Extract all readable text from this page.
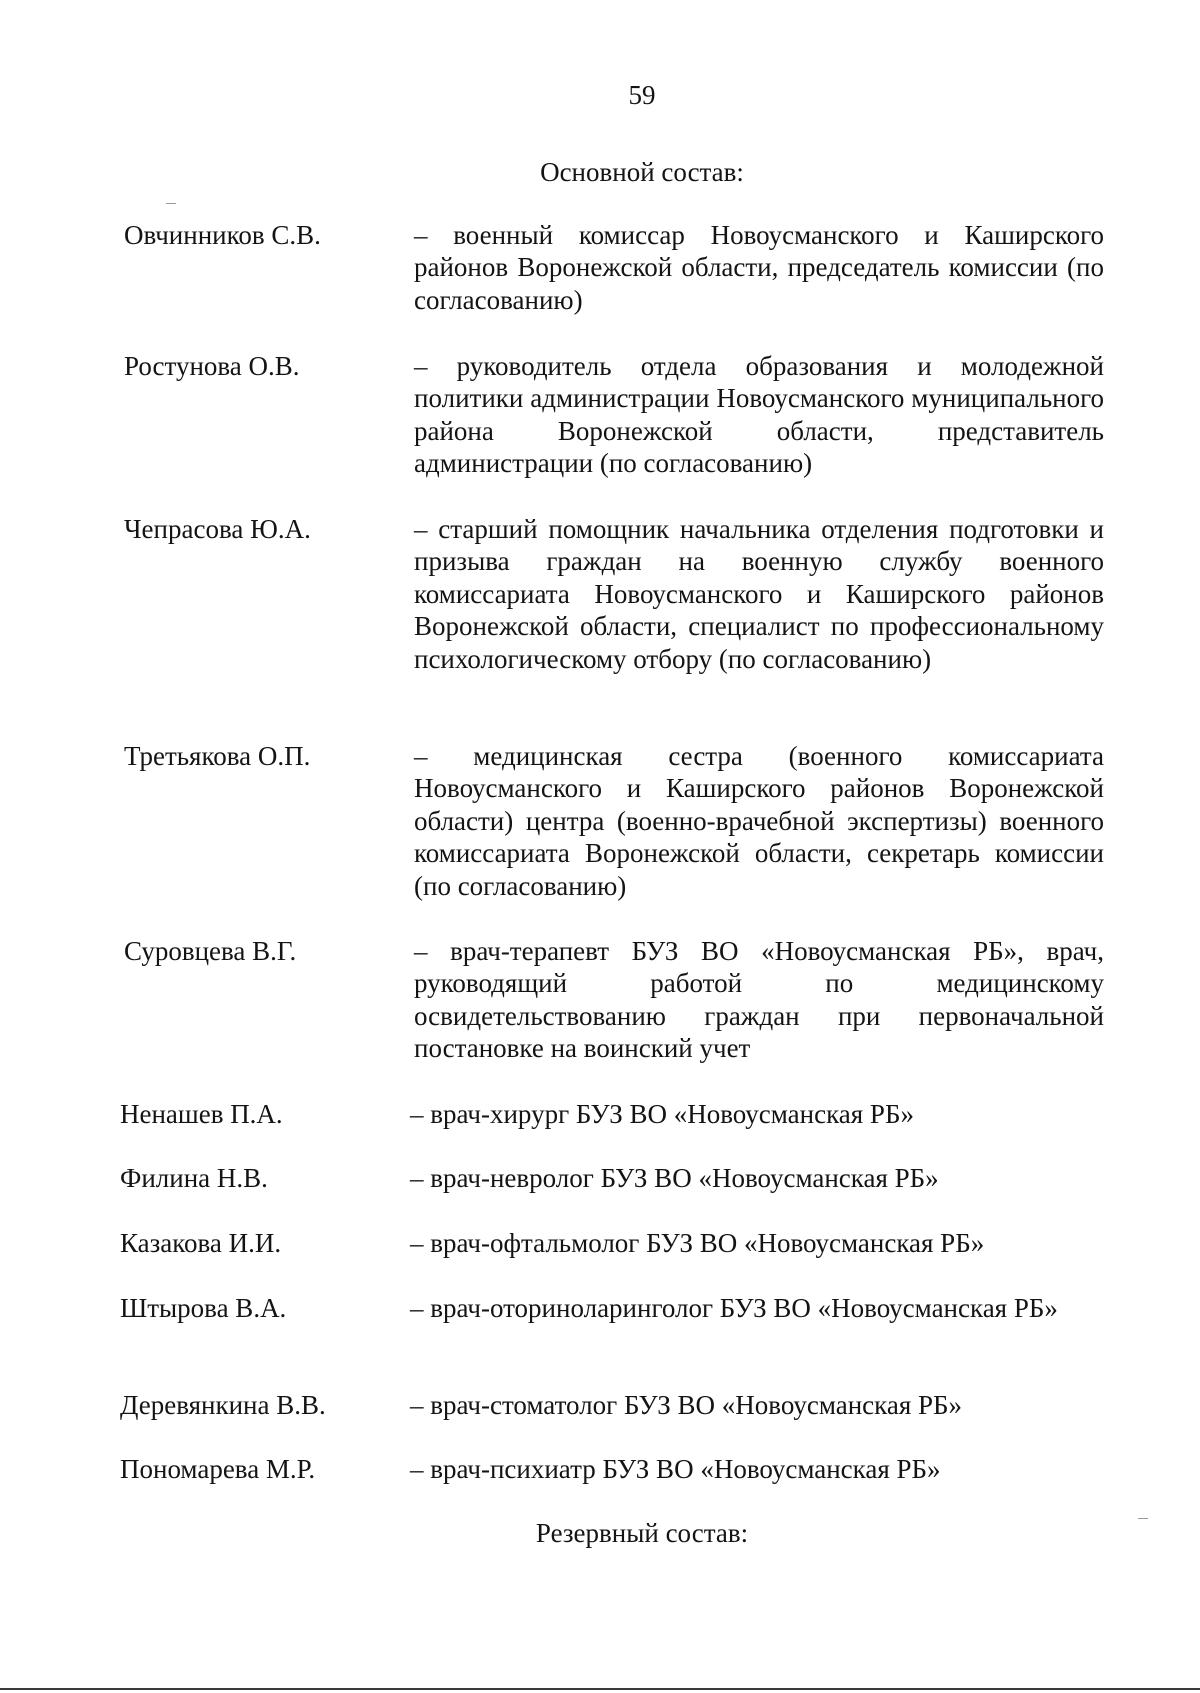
59
Основной состав:
Овчинников С.В.	– военный комиссар Новоусманского и Каширского районов Воронежской области, председатель комиссии (по согласованию)
Ростунова О.В.	– руководитель отдела образования и молодежной политики администрации Новоусманского муниципального района Воронежской области, представитель администрации (по согласованию)
Чепрасова Ю.А.	– старший помощник начальника отделения подготовки и призыва граждан на военную службу военного комиссариата Новоусманского и Каширского районов Воронежской области, специалист по профессиональному психологическому отбору (по согласованию)
Третьякова О.П.	– медицинская сестра (военного комиссариата Новоусманского и Каширского районов Воронежской области) центра (военно-врачебной экспертизы) военного комиссариата Воронежской области, секретарь комиссии (по согласованию)
Суровцева В.Г.	– врач-терапевт БУЗ ВО «Новоусманская РБ», врач, руководящий работой по медицинскому освидетельствованию граждан при первоначальной постановке на воинский учет
Ненашев П.А.	– врач-хирург БУЗ ВО «Новоусманская РБ»
Филина Н.В.	– врач-невролог БУЗ ВО «Новоусманская РБ»
Казакова И.И.	– врач-офтальмолог БУЗ ВО «Новоусманская РБ»
Штырова В.А.	– врач-оториноларинголог БУЗ ВО «Новоусманская РБ»
Деревянкина В.В.	– врач-стоматолог БУЗ ВО «Новоусманская РБ»
Пономарева М.Р.	– врач-психиатр БУЗ ВО «Новоусманская РБ»
Резервный состав:
